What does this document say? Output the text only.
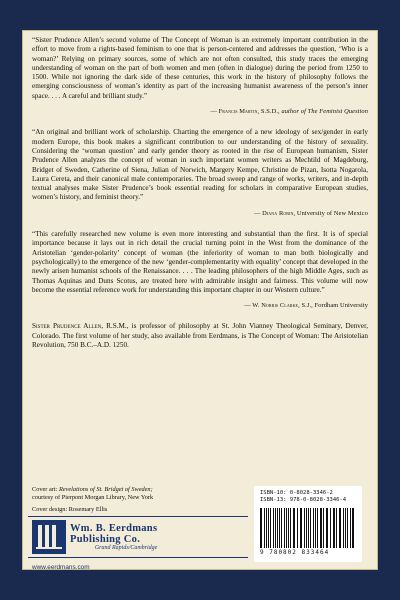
“Sister Prudence Allen’s second volume of The Concept of Woman is an extremely important contribution in the effort to move from a rights-based feminism to one that is person-centered and addresses the question, ‘Who is a woman?’ Relying on primary sources, some of which are not often consulted, this study traces the emerging understanding of woman on the part of both women and men (often in dialogue) during the period from 1250 to 1500. While not ignoring the dark side of these centuries, this work in the history of philosophy follows the emerging consciousness of woman’s identity as part of the increasing humanist awareness of the person’s inner space. . . . A careful and brilliant study.”

— Francis Martin, S.S.D., author of The Feminist Question

“An original and brilliant work of scholarship. Charting the emergence of a new ideology of sex/gender in early modern Europe, this book makes a significant contribution to our understanding of the history of sexuality. Considering the ‘woman question’ and early gender theory as rooted in the rise of European humanism, Sister Prudence Allen analyzes the concept of woman in such important women writers as Mechtild of Magdeburg, Bridget of Sweden, Catherine of Siena, Julian of Norwich, Margery Kempe, Christine de Pizan, Isotta Nogarola, Laura Cereta, and their canonical male contemporaries. The broad sweep and range of works, writers, and in-depth textual analyses make Sister Prudence’s book essential reading for scholars in comparative European studies, women’s history, and feminist theory.”

— Diana Robin, University of New Mexico

“This carefully researched new volume is even more interesting and substantial than the first. It is of special importance because it lays out in rich detail the crucial turning point in the West from the dominance of the Aristotelian ‘gender-polarity’ concept of woman (the inferiority of woman to man both biologically and psychologically) to the emergence of the new ‘gender-complementarity with equality’ concept that developed in the newly arisen humanist schools of the Renaissance. . . . The leading philosophers of the high Middle Ages, such as Thomas Aquinas and Duns Scotus, are treated here with admirable insight and fairness. This volume will now become the essential reference work for understanding this important chapter in our Western culture.”

— W. Norris Clarke, S.J., Fordham University

Sister Prudence Allen, R.S.M., is professor of philosophy at St. John Vianney Theological Seminary, Denver, Colorado. The first volume of her study, also available from Eerdmans, is The Concept of Woman: The Aristotelian Revolution, 750 B.C.–A.D. 1250.

Cover art: Revelations of St. Bridget of Sweden;
courtesy of Pierpont Morgan Library, New York
Cover design: Rosemary Ellis
Wm. B. Eerdmans
Publishing Co.
Grand Rapids/Cambridge
www.eerdmans.com
ISBN-10: 0-8028-3346-2
ISBN-13: 978-0-8028-3346-4
9 780802 833464
